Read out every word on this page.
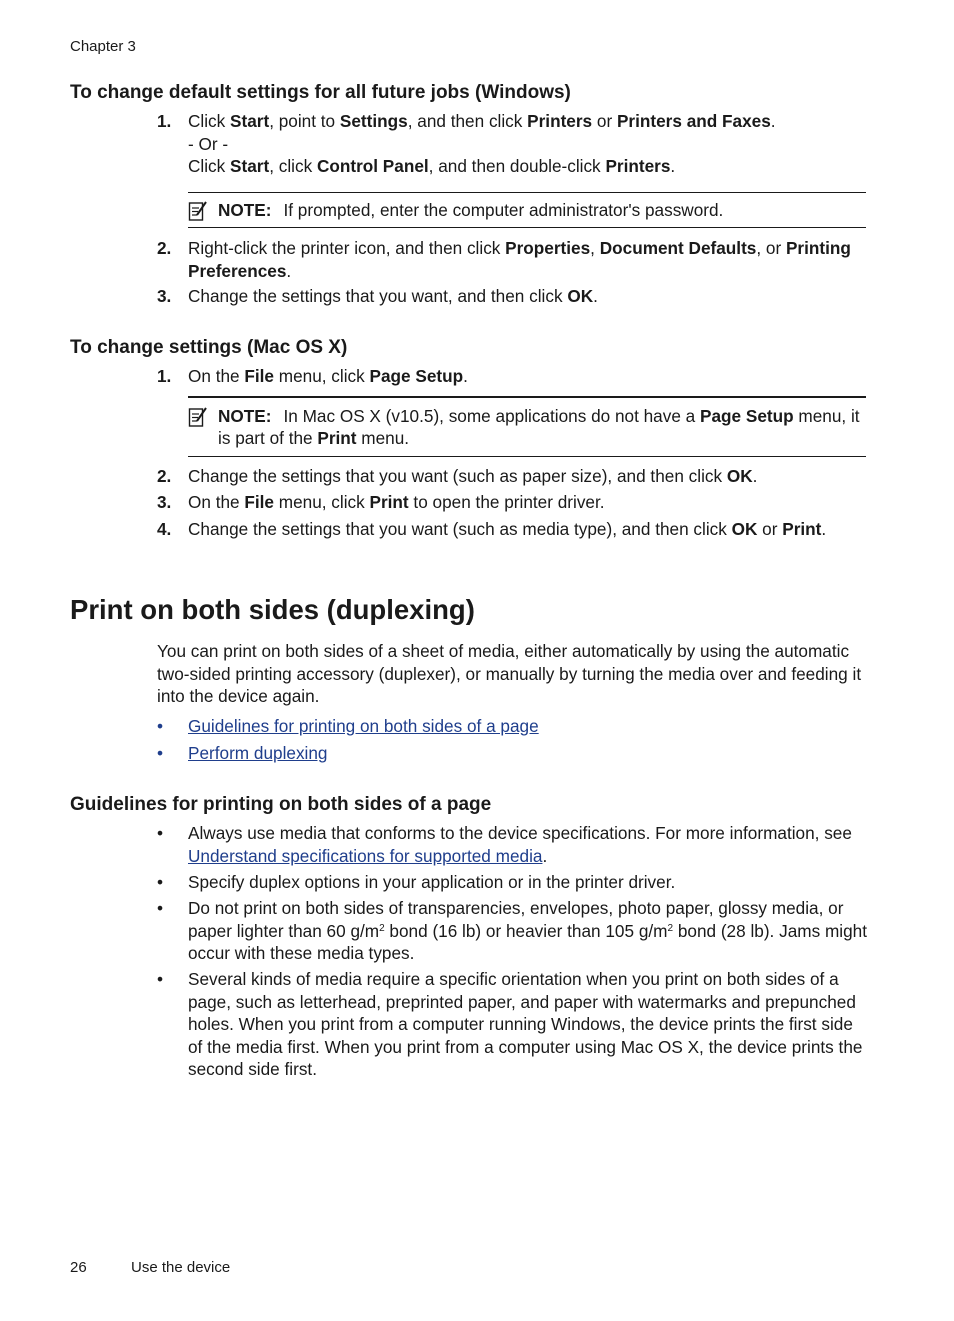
Chapter 3
To change default settings for all future jobs (Windows)
1. Click Start, point to Settings, and then click Printers or Printers and Faxes.

- Or -

Click Start, click Control Panel, and then double-click Printers.

NOTE: If prompted, enter the computer administrator's password.
2. Right-click the printer icon, and then click Properties, Document Defaults, or Printing Preferences.

3. Change the settings that you want, and then click OK.

To change settings (Mac OS X)
1. On the File menu, click Page Setup.

NOTE: In Mac OS X (v10.5), some applications do not have a Page Setup menu, it is part of the Print menu.
2. Change the settings that you want (such as paper size), and then click OK.

3. On the File menu, click Print to open the printer driver.

4. Change the settings that you want (such as media type), and then click OK or Print.

Print on both sides (duplexing)

You can print on both sides of a sheet of media, either automatically by using the automatic two-sided printing accessory (duplexer), or manually by turning the media over and feeding it into the device again.

• Guidelines for printing on both sides of a page
• Perform duplexing
Guidelines for printing on both sides of a page
• Always use media that conforms to the device specifications. For more information, see Understand specifications for supported media.

• Specify duplex options in your application or in the printer driver.

• Do not print on both sides of transparencies, envelopes, photo paper, glossy media, or paper lighter than 60 $g/m^2$ bond (16 lb) or heavier than 105 $g/m^2$ bond (28 lb). Jams might occur with these media types.

• Several kinds of media require a specific orientation when you print on both sides of a page, such as letterhead, preprinted paper, and paper with watermarks and prepunched holes. When you print from a computer running Windows, the device prints the first side of the media first. When you print from a computer using Mac OS X, the device prints the second side first.

26	Use the device
